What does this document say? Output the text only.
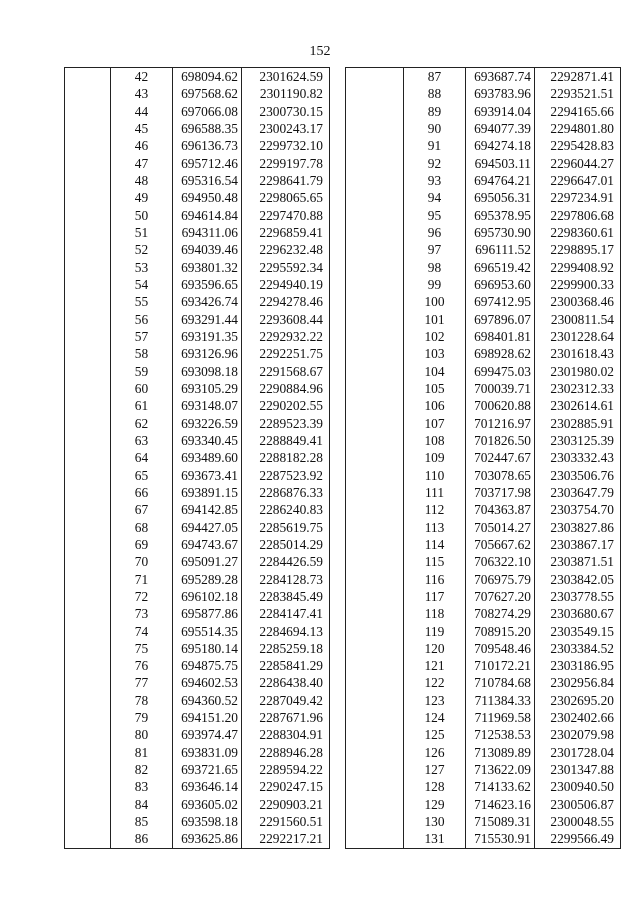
152
	42	698094.62	2301624.59
	43	697568.62	2301190.82
	44	697066.08	2300730.15
	45	696588.35	2300243.17
	46	696136.73	2299732.10
	47	695712.46	2299197.78
	48	695316.54	2298641.79
	49	694950.48	2298065.65
	50	694614.84	2297470.88
	51	694311.06	2296859.41
	52	694039.46	2296232.48
	53	693801.32	2295592.34
	54	693596.65	2294940.19
	55	693426.74	2294278.46
	56	693291.44	2293608.44
	57	693191.35	2292932.22
	58	693126.96	2292251.75
	59	693098.18	2291568.67
	60	693105.29	2290884.96
	61	693148.07	2290202.55
	62	693226.59	2289523.39
	63	693340.45	2288849.41
	64	693489.60	2288182.28
	65	693673.41	2287523.92
	66	693891.15	2286876.33
	67	694142.85	2286240.83
	68	694427.05	2285619.75
	69	694743.67	2285014.29
	70	695091.27	2284426.59
	71	695289.28	2284128.73
	72	696102.18	2283845.49
	73	695877.86	2284147.41
	74	695514.35	2284694.13
	75	695180.14	2285259.18
	76	694875.75	2285841.29
	77	694602.53	2286438.40
	78	694360.52	2287049.42
	79	694151.20	2287671.96
	80	693974.47	2288304.91
	81	693831.09	2288946.28
	82	693721.65	2289594.22
	83	693646.14	2290247.15
	84	693605.02	2290903.21
	85	693598.18	2291560.51
	86	693625.86	2292217.21
	87	693687.74	2292871.41
	88	693783.96	2293521.51
	89	693914.04	2294165.66
	90	694077.39	2294801.80
	91	694274.18	2295428.83
	92	694503.11	2296044.27
	93	694764.21	2296647.01
	94	695056.31	2297234.91
	95	695378.95	2297806.68
	96	695730.90	2298360.61
	97	696111.52	2298895.17
	98	696519.42	2299408.92
	99	696953.60	2299900.33
	100	697412.95	2300368.46
	101	697896.07	2300811.54
	102	698401.81	2301228.64
	103	698928.62	2301618.43
	104	699475.03	2301980.02
	105	700039.71	2302312.33
	106	700620.88	2302614.61
	107	701216.97	2302885.91
	108	701826.50	2303125.39
	109	702447.67	2303332.43
	110	703078.65	2303506.76
	111	703717.98	2303647.79
	112	704363.87	2303754.70
	113	705014.27	2303827.86
	114	705667.62	2303867.17
	115	706322.10	2303871.51
	116	706975.79	2303842.05
	117	707627.20	2303778.55
	118	708274.29	2303680.67
	119	708915.20	2303549.15
	120	709548.46	2303384.52
	121	710172.21	2303186.95
	122	710784.68	2302956.84
	123	711384.33	2302695.20
	124	711969.58	2302402.66
	125	712538.53	2302079.98
	126	713089.89	2301728.04
	127	713622.09	2301347.88
	128	714133.62	2300940.50
	129	714623.16	2300506.87
	130	715089.31	2300048.55
	131	715530.91	2299566.49
